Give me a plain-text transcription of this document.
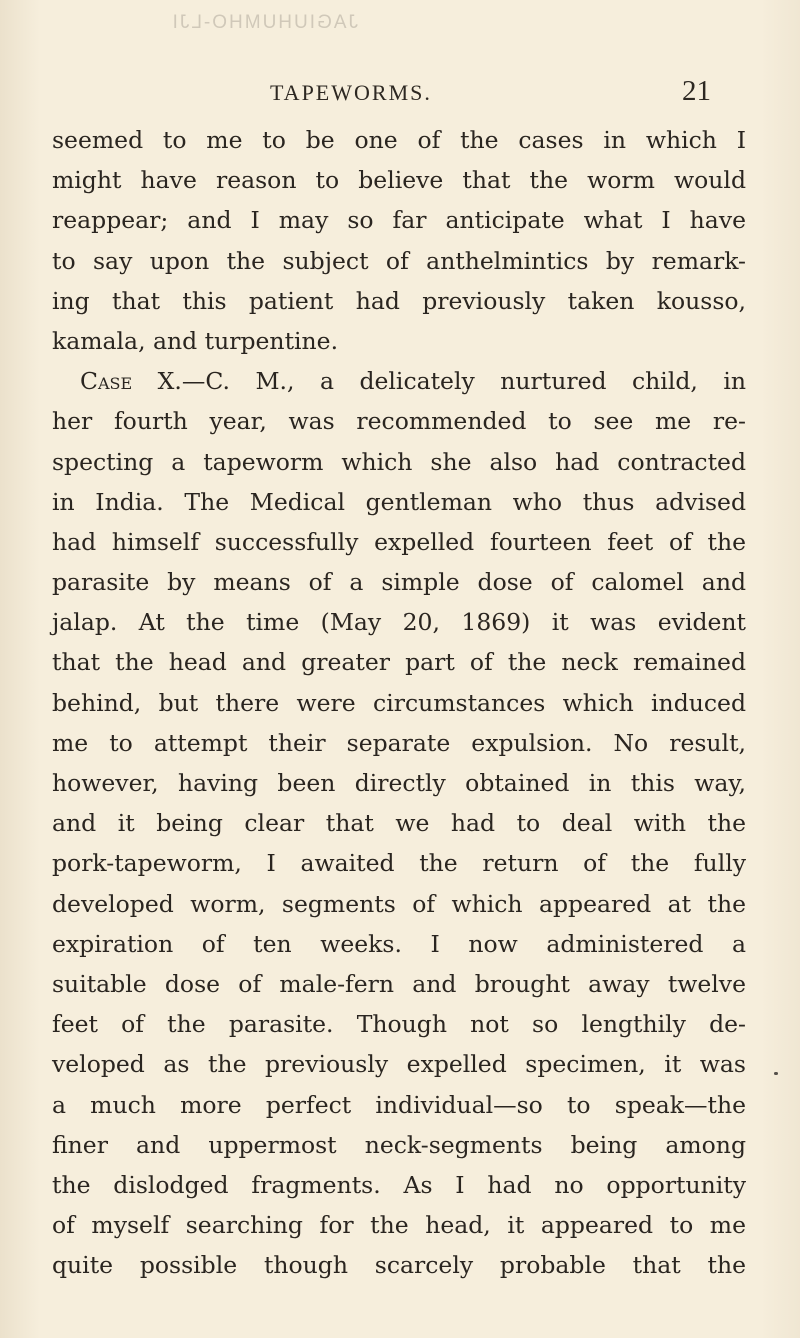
JAGIUHUMHO-LJI
TAPEWORMS.	21
seemed to me to be one of the cases in which I
might have reason to believe that the worm would
reappear; and I may so far anticipate what I have
to say upon the subject of anthelmintics by remark-
ing that this patient had previously taken kousso,
kamala, and turpentine.
Case X.—C. M., a delicately nurtured child, in
her fourth year, was recommended to see me re-
specting a tapeworm which she also had contracted
in India. The Medical gentleman who thus advised
had himself successfully expelled fourteen feet of the
parasite by means of a simple dose of calomel and
jalap. At the time (May 20, 1869) it was evident
that the head and greater part of the neck remained
behind, but there were circumstances which induced
me to attempt their separate expulsion. No result,
however, having been directly obtained in this way,
and it being clear that we had to deal with the
pork-tapeworm, I awaited the return of the fully
developed worm, segments of which appeared at the
expiration of ten weeks. I now administered a
suitable dose of male-fern and brought away twelve
feet of the parasite. Though not so lengthily de-
veloped as the previously expelled specimen, it was
a much more perfect individual—so to speak—the
finer and uppermost neck-segments being among
the dislodged fragments. As I had no opportunity
of myself searching for the head, it appeared to me
quite possible though scarcely probable that the
